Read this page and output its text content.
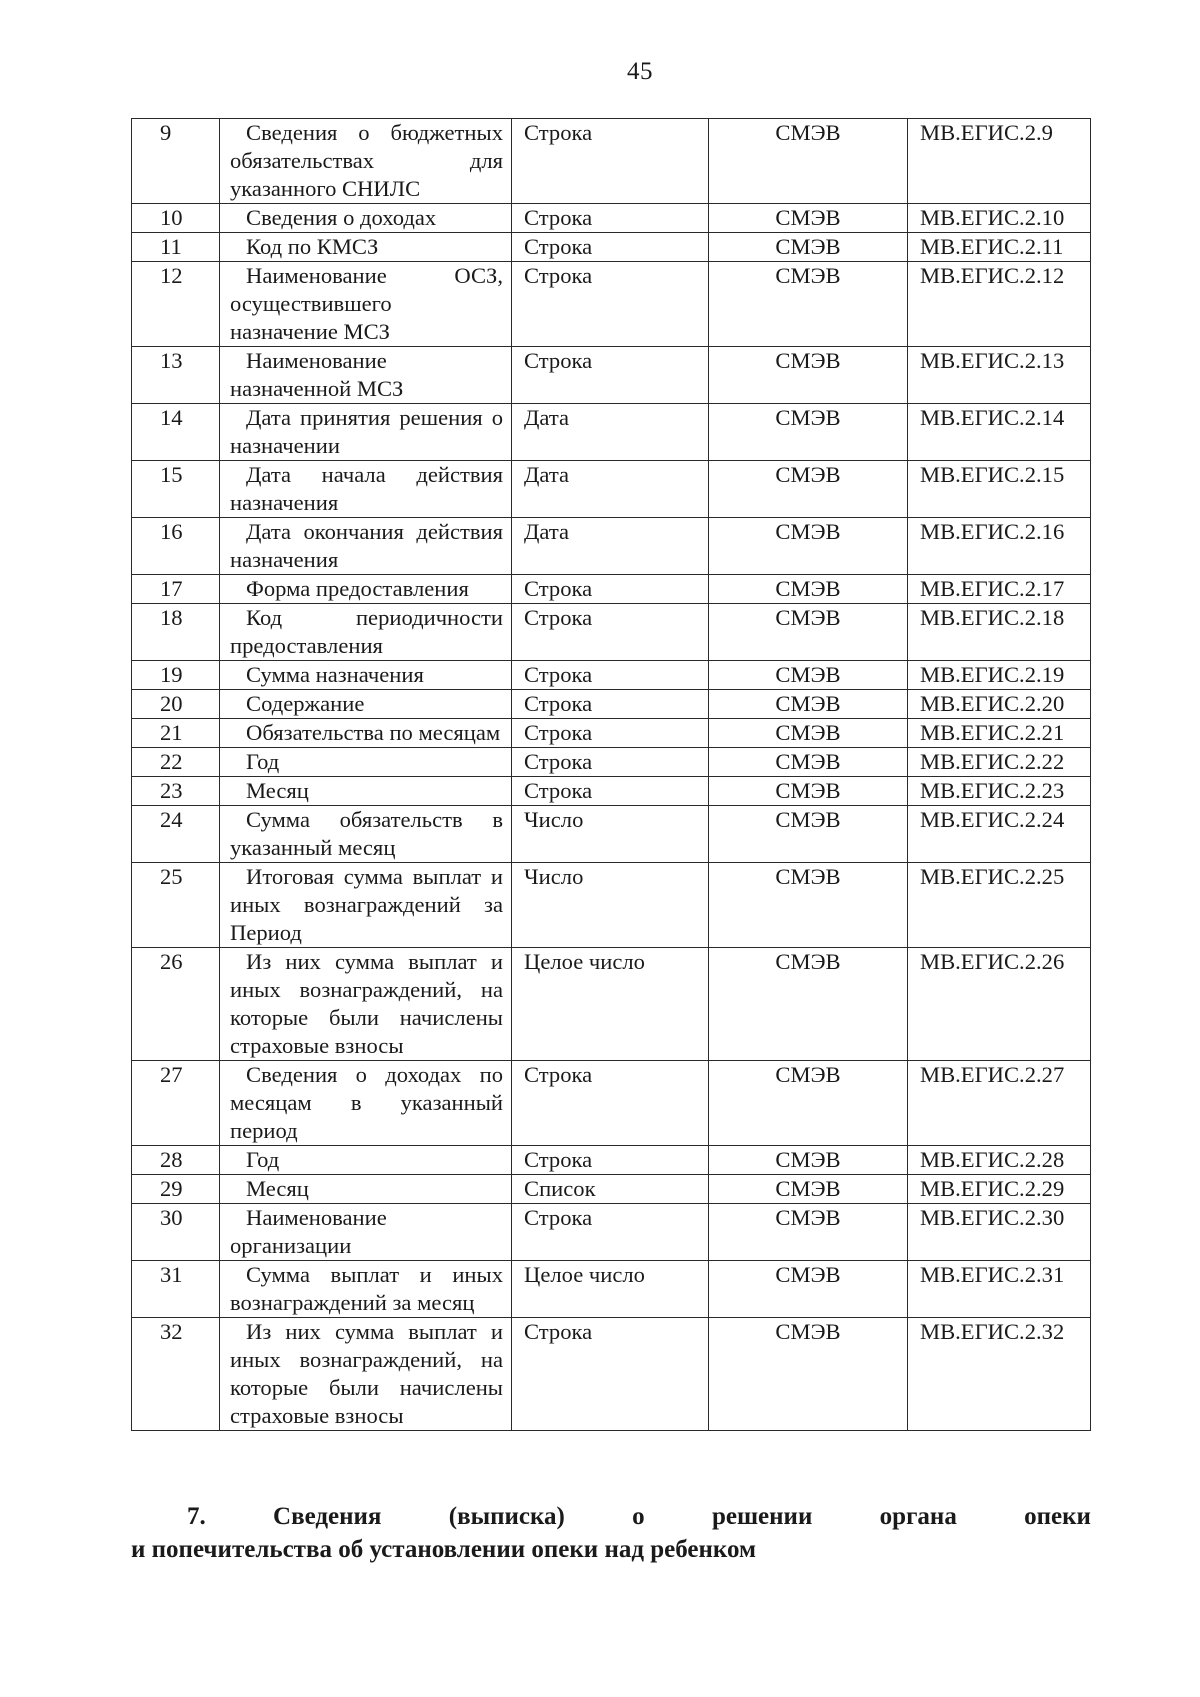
45
9	Сведения о бюджетных обязательствах для указанного СНИЛС	Строка	СМЭВ	МВ.ЕГИС.2.9
10	Сведения о доходах	Строка	СМЭВ	МВ.ЕГИС.2.10
11	Код по КМСЗ	Строка	СМЭВ	МВ.ЕГИС.2.11
12	Наименование ОСЗ, осуществившего назначение МСЗ	Строка	СМЭВ	МВ.ЕГИС.2.12
13	Наименование назначенной МСЗ	Строка	СМЭВ	МВ.ЕГИС.2.13
14	Дата принятия решения о назначении	Дата	СМЭВ	МВ.ЕГИС.2.14
15	Дата начала действия назначения	Дата	СМЭВ	МВ.ЕГИС.2.15
16	Дата окончания действия назначения	Дата	СМЭВ	МВ.ЕГИС.2.16
17	Форма предоставления	Строка	СМЭВ	МВ.ЕГИС.2.17
18	Код периодичности предоставления	Строка	СМЭВ	МВ.ЕГИС.2.18
19	Сумма назначения	Строка	СМЭВ	МВ.ЕГИС.2.19
20	Содержание	Строка	СМЭВ	МВ.ЕГИС.2.20
21	Обязательства по месяцам	Строка	СМЭВ	МВ.ЕГИС.2.21
22	Год	Строка	СМЭВ	МВ.ЕГИС.2.22
23	Месяц	Строка	СМЭВ	МВ.ЕГИС.2.23
24	Сумма обязательств в указанный месяц	Число	СМЭВ	МВ.ЕГИС.2.24
25	Итоговая сумма выплат и иных вознаграждений за Период	Число	СМЭВ	МВ.ЕГИС.2.25
26	Из них сумма выплат и иных вознаграждений, на которые были начислены страховые взносы	Целое число	СМЭВ	МВ.ЕГИС.2.26
27	Сведения о доходах по месяцам в указанный период	Строка	СМЭВ	МВ.ЕГИС.2.27
28	Год	Строка	СМЭВ	МВ.ЕГИС.2.28
29	Месяц	Список	СМЭВ	МВ.ЕГИС.2.29
30	Наименование организации	Строка	СМЭВ	МВ.ЕГИС.2.30
31	Сумма выплат и иных вознаграждений за месяц	Целое число	СМЭВ	МВ.ЕГИС.2.31
32	Из них сумма выплат и иных вознаграждений, на которые были начислены страховые взносы	Строка	СМЭВ	МВ.ЕГИС.2.32
7.	Сведения	(выписка)	о	решении	органа	опеки
и попечительства об установлении опеки над ребенком
